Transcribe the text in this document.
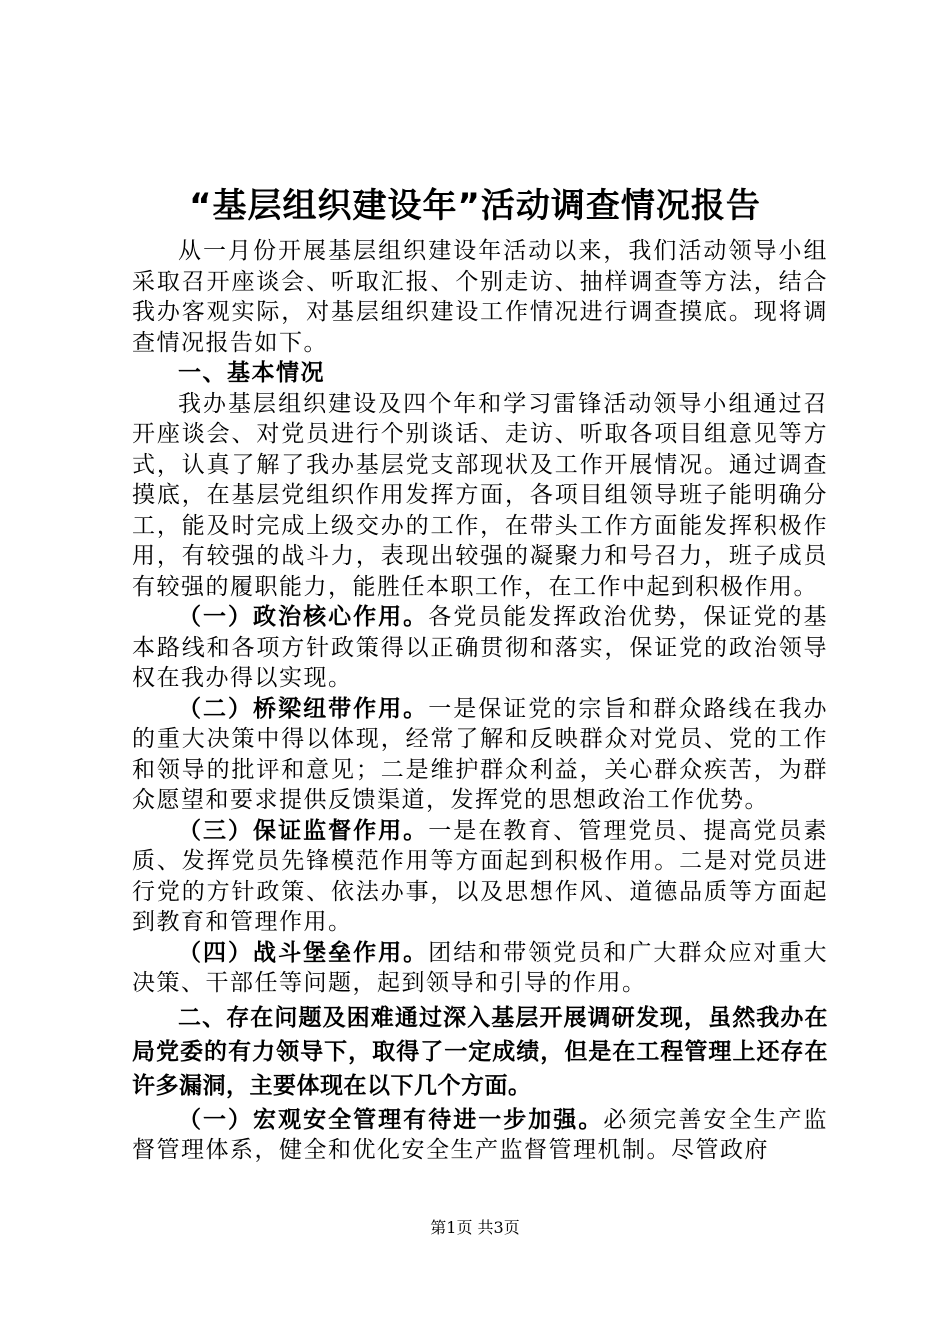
“基层组织建设年”活动调查情况报告

从一月份开展基层组织建设年活动以来，我们活动领导小组采取召开座谈会、听取汇报、个别走访、抽样调查等方法，结合我办客观实际，对基层组织建设工作情况进行调查摸底。现将调查情况报告如下。

一、基本情况

我办基层组织建设及四个年和学习雷锋活动领导小组通过召开座谈会、对党员进行个别谈话、走访、听取各项目组意见等方式，认真了解了我办基层党支部现状及工作开展情况。通过调查摸底，在基层党组织作用发挥方面，各项目组领导班子能明确分工，能及时完成上级交办的工作，在带头工作方面能发挥积极作用，有较强的战斗力，表现出较强的凝聚力和号召力，班子成员有较强的履职能力，能胜任本职工作，在工作中起到积极作用。

（一）政治核心作用。各党员能发挥政治优势，保证党的基本路线和各项方针政策得以正确贯彻和落实，保证党的政治领导权在我办得以实现。

（二）桥梁纽带作用。一是保证党的宗旨和群众路线在我办的重大决策中得以体现，经常了解和反映群众对党员、党的工作和领导的批评和意见；二是维护群众利益，关心群众疾苦，为群众愿望和要求提供反馈渠道，发挥党的思想政治工作优势。

（三）保证监督作用。一是在教育、管理党员、提高党员素质、发挥党员先锋模范作用等方面起到积极作用。二是对党员进行党的方针政策、依法办事，以及思想作风、道德品质等方面起到教育和管理作用。

（四）战斗堡垒作用。团结和带领党员和广大群众应对重大决策、干部任等问题，起到领导和引导的作用。

二、存在问题及困难通过深入基层开展调研发现，虽然我办在局党委的有力领导下，取得了一定成绩，但是在工程管理上还存在许多漏洞，主要体现在以下几个方面。

（一）宏观安全管理有待进一步加强。必须完善安全生产监督管理体系，健全和优化安全生产监督管理机制。尽管政府

第1页 共3页
